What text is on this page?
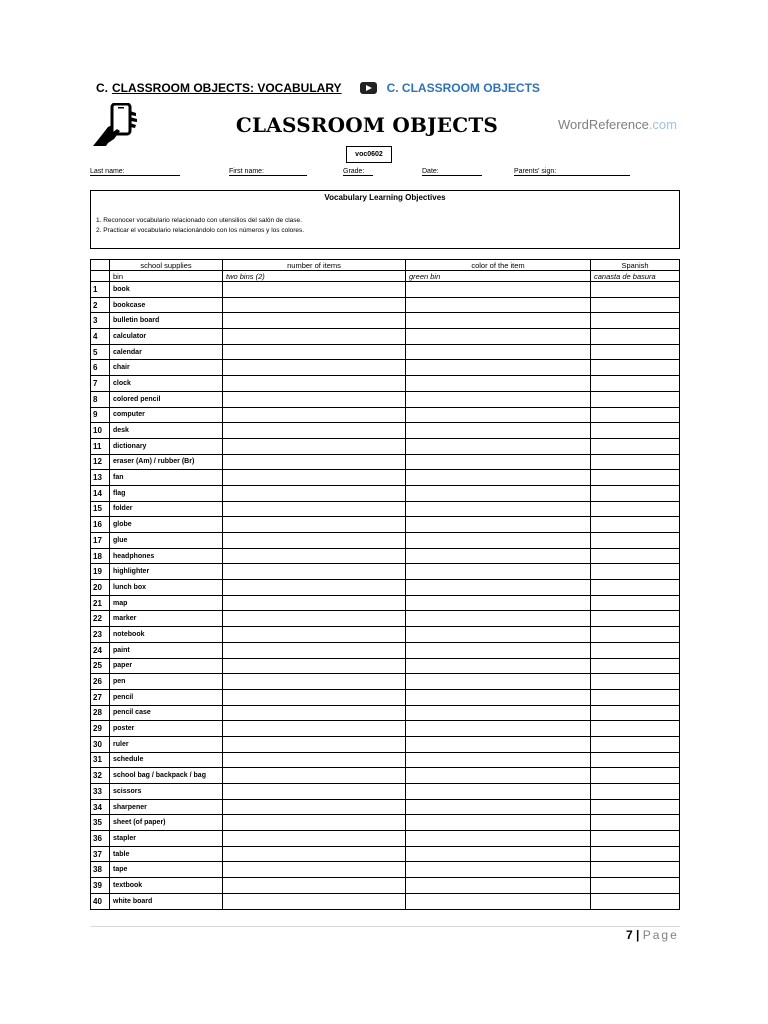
C. CLASSROOM OBJECTS: VOCABULARY	C. CLASSROOM OBJECTS
CLASSROOM OBJECTS	WordReference.com
voc0602
Last name:	First name:	Grade:	Date:	Parents' sign:
Vocabulary Learning Objectives
1. Reconocer vocabulario relacionado con utensilios del salón de clase.
2. Practicar el vocabulario relacionándolo con los números y los colores.
	school supplies	number of items	color of the item	Spanish
	bin	two bins (2)	green bin	canasta de basura
1	book			
2	bookcase			
3	bulletin board			
4	calculator			
5	calendar			
6	chair			
7	clock			
8	colored pencil			
9	computer			
10	desk			
11	dictionary			
12	eraser (Am) / rubber (Br)			
13	fan			
14	flag			
15	folder			
16	globe			
17	glue			
18	headphones			
19	highlighter			
20	lunch box			
21	map			
22	marker			
23	notebook			
24	paint			
25	paper			
26	pen			
27	pencil			
28	pencil case			
29	poster			
30	ruler			
31	schedule			
32	school bag / backpack / bag			
33	scissors			
34	sharpener			
35	sheet (of paper)			
36	stapler			
37	table			
38	tape			
39	textbook			
40	white board			
7 | Page
